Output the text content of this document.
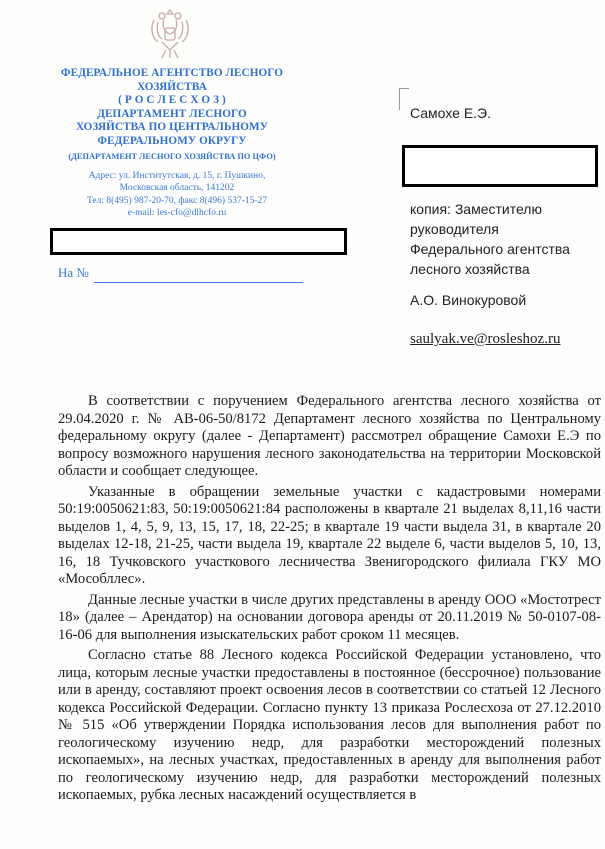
ФЕДЕРАЛЬНОЕ АГЕНТСТВО ЛЕСНОГО
ХОЗЯЙСТВА
( Р О С Л Е С Х О З )
ДЕПАРТАМЕНТ ЛЕСНОГО
ХОЗЯЙСТВА ПО ЦЕНТРАЛЬНОМУ
ФЕДЕРАЛЬНОМУ ОКРУГУ
(ДЕПАРТАМЕНТ ЛЕСНОГО ХОЗЯЙСТВА ПО ЦФО)
Адрес: ул. Институтская, д. 15, г. Пушкино,
Московская область, 141202
Тел: 8(495) 987-20-70, факс 8(496) 537-15-27
e-mail: les-cfo@dlhcfo.ru
На №
Самохе Е.Э.
копия: Заместителю
руководителя
Федерального агентства
лесного хозяйства
А.О. Винокуровой
saulyak.ve@rosleshoz.ru

В соответствии с поручением Федерального агентства лесного хозяйства от 29.04.2020 г. № АВ-06-50/8172 Департамент лесного хозяйства по Центральному федеральному округу (далее - Департамент) рассмотрел обращение Самохи Е.Э по вопросу возможного нарушения лесного законодательства на территории Московской области и сообщает следующее.

Указанные в обращении земельные участки с кадастровыми номерами 50:19:0050621:83, 50:19:0050621:84 расположены в квартале 21 выделах 8,11,16 части выделов 1, 4, 5, 9, 13, 15, 17, 18, 22-25; в квартале 19 части выдела 31, в квартале 20 выделах 12-18, 21-25, части выдела 19, квартале 22 выделе 6, части выделов 5, 10, 13, 16, 18 Тучковского участкового лесничества Звенигородского филиала ГКУ МО «Мособллес».

Данные лесные участки в числе других представлены в аренду ООО «Мостотрест 18» (далее – Арендатор) на основании договора аренды от 20.11.2019 № 50-0107-08-16-06 для выполнения изыскательских работ сроком 11 месяцев.

Согласно статье 88 Лесного кодекса Российской Федерации установлено, что лица, которым лесные участки предоставлены в постоянное (бессрочное) пользование или в аренду, составляют проект освоения лесов в соответствии со статьей 12 Лесного кодекса Российской Федерации. Согласно пункту 13 приказа Рослесхоза от 27.12.2010 № 515 «Об утверждении Порядка использования лесов для выполнения работ по геологическому изучению недр, для разработки месторождений полезных ископаемых», на лесных участках, предоставленных в аренду для выполнения работ по геологическому изучению недр, для разработки месторождений полезных ископаемых, рубка лесных насаждений осуществляется в
